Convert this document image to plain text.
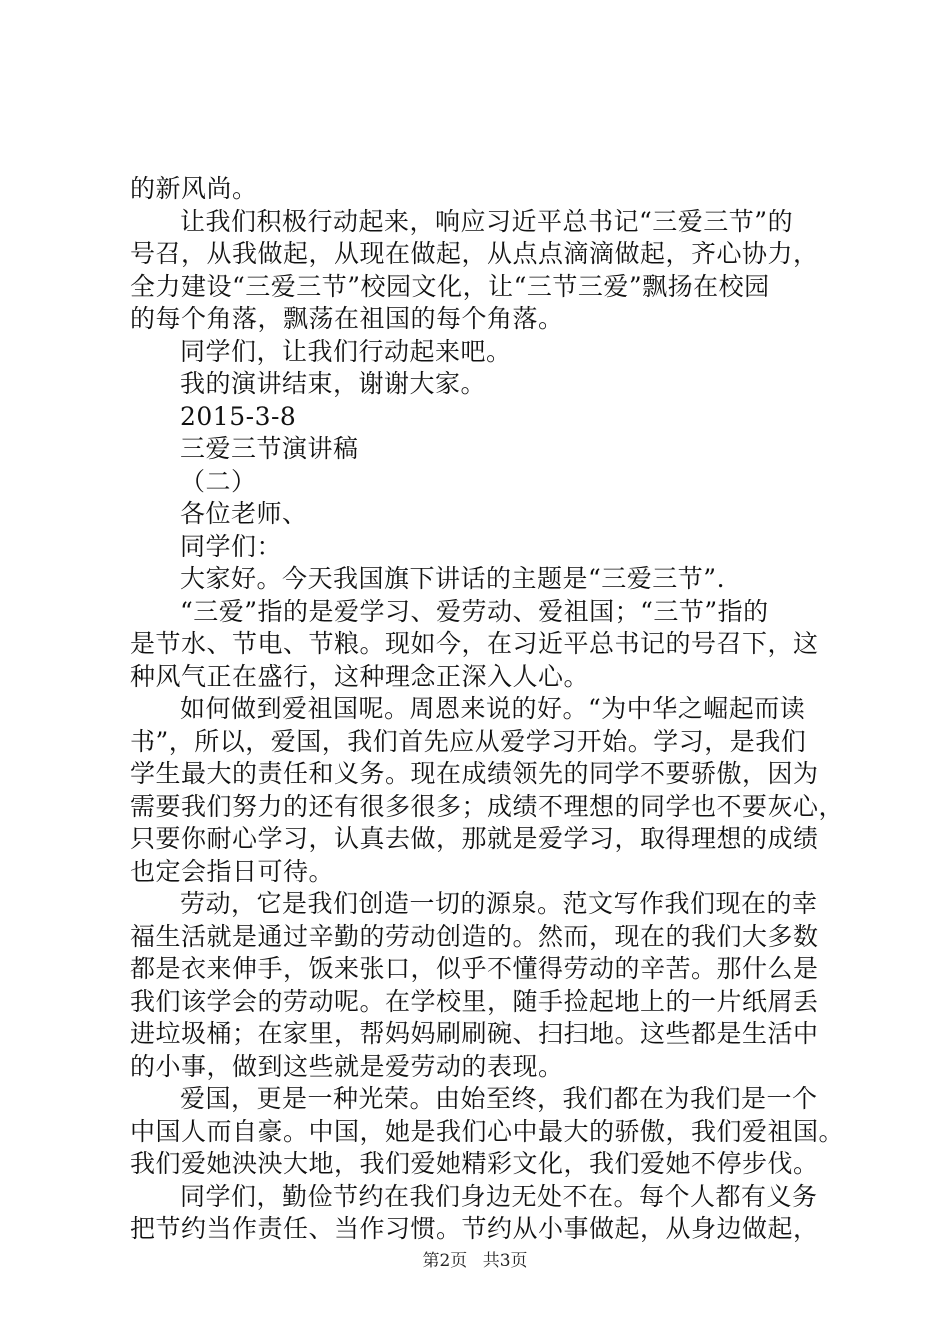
的新风尚。
让我们积极行动起来，响应习近平总书记“三爱三节”的
号召，从我做起，从现在做起，从点点滴滴做起，齐心协力，
全力建设“三爱三节”校园文化，让“三节三爱”飘扬在校园
的每个角落，飘荡在祖国的每个角落。
同学们，让我们行动起来吧。
我的演讲结束，谢谢大家。
2015-3-8
三爱三节演讲稿
（二）
各位老师、
同学们：
大家好。今天我国旗下讲话的主题是“三爱三节”.
“三爱”指的是爱学习、爱劳动、爱祖国；“三节”指的
是节水、节电、节粮。现如今，在习近平总书记的号召下，这
种风气正在盛行，这种理念正深入人心。
如何做到爱祖国呢。周恩来说的好。“为中华之崛起而读
书”，所以，爱国，我们首先应从爱学习开始。学习，是我们
学生最大的责任和义务。现在成绩领先的同学不要骄傲，因为
需要我们努力的还有很多很多；成绩不理想的同学也不要灰心，
只要你耐心学习，认真去做，那就是爱学习，取得理想的成绩
也定会指日可待。
劳动，它是我们创造一切的源泉。范文写作我们现在的幸
福生活就是通过辛勤的劳动创造的。然而，现在的我们大多数
都是衣来伸手，饭来张口，似乎不懂得劳动的辛苦。那什么是
我们该学会的劳动呢。在学校里，随手捡起地上的一片纸屑丢
进垃圾桶；在家里，帮妈妈刷刷碗、扫扫地。这些都是生活中
的小事，做到这些就是爱劳动的表现。
爱国，更是一种光荣。由始至终，我们都在为我们是一个
中国人而自豪。中国，她是我们心中最大的骄傲，我们爱祖国。
我们爱她泱泱大地，我们爱她精彩文化，我们爱她不停步伐。
同学们，勤俭节约在我们身边无处不在。每个人都有义务
把节约当作责任、当作习惯。节约从小事做起，从身边做起，
第2页 共3页
